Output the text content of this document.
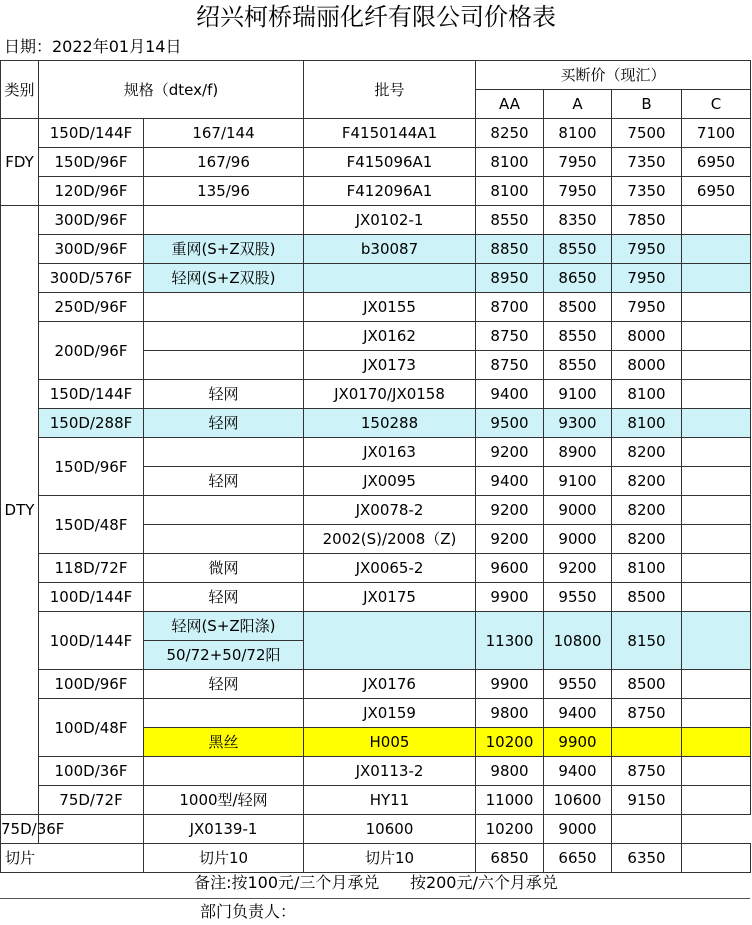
绍兴柯桥瑞丽化纤有限公司价格表
日期：2022年01月14日
类别	规格（dtex/f)		批号	买断价（现汇）			
				AA	A	B	C
FDY	150D/144F	167/144	F4150144A1	8250	8100	7500	7100
	150D/96F	167/96	F415096A1	8100	7950	7350	6950
	120D/96F	135/96	F412096A1	8100	7950	7350	6950
DTY	300D/96F		JX0102-1	8550	8350	7850	
	300D/96F	重网(S+Z双股)	b30087	8850	8550	7950	
	300D/576F	轻网(S+Z双股)		8950	8650	7950	
	250D/96F		JX0155	8700	8500	7950	
	200D/96F		JX0162	8750	8550	8000	
			JX0173	8750	8550	8000	
	150D/144F	轻网	JX0170/JX0158	9400	9100	8100	
	150D/288F	轻网	150288	9500	9300	8100	
	150D/96F		JX0163	9200	8900	8200	
		轻网	JX0095	9400	9100	8200	
	150D/48F		JX0078-2	9200	9000	8200	
			2002(S)/2008（Z)	9200	9000	8200	
	118D/72F	微网	JX0065-2	9600	9200	8100	
	100D/144F	轻网	JX0175	9900	9550	8500	
	100D/144F	轻网(S+Z阳涤)		11300	10800	8150	
		50/72+50/72阳					
	100D/96F	轻网	JX0176	9900	9550	8500	
	100D/48F		JX0159	9800	9400	8750	
		黑丝	H005	10200	9900		
	100D/36F		JX0113-2	9800	9400	8750	
	75D/72F	1000型/轻网	HY11	11000	10600	9150	
75D/36F		JX0139-1	10600	10200	9000		
切片		切片10	切片10	6850	6650	6350	
备注:按100元/三个月承兑      按200元/六个月承兑
部门负责人：
